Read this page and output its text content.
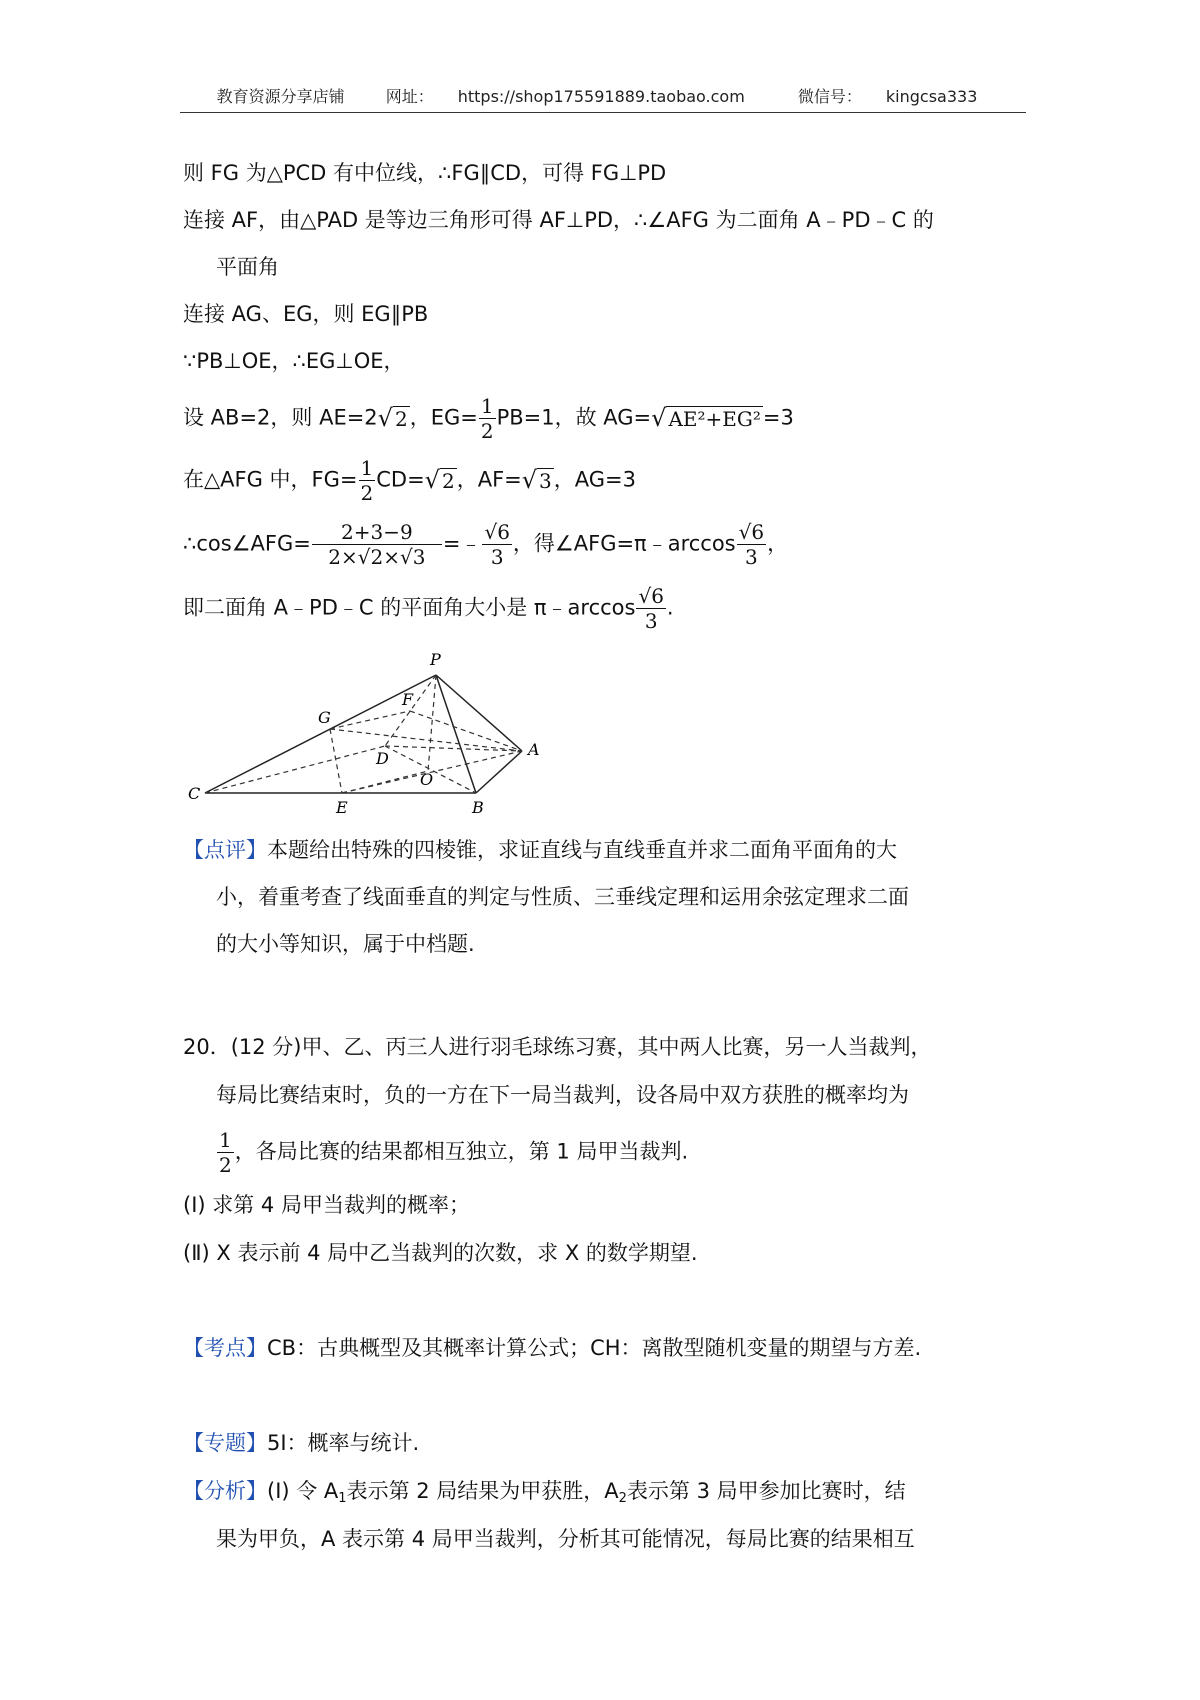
教育资源分享店铺	网址： https://shop175591889.taobao.com	微信号： kingcsa333
则 FG 为△PCD 有中位线，∴FG∥CD，可得 FG⊥PD
连接 AF，由△PAD 是等边三角形可得 AF⊥PD，∴∠AFG 为二面角 A﹣PD﹣C 的
平面角
连接 AG、EG，则 EG∥PB
∵PB⊥OE，∴EG⊥OE，
设 AB=2，则 AE=2√ 2，$EG= \frac{1}{2} PB=1$，故 AG=√ AE²+EG²=3
在△AFG 中，$FG= \frac{1}{2} CD=√$ 2，AF=√ 3，AG=3
∴cos∠AFG= $\frac{2+3-9}{2\times√2\times√3}$ =﹣ $\frac{√6}{3}$ ，得∠AFG=π﹣arccos $\frac{√6}{3}$ ，
即二面角 A﹣PD﹣C 的平面角大小是 π﹣arccos $\frac{√6}{3}$ .
P
G
F
D
O
A
C
E	B
【点评】本题给出特殊的四棱锥，求证直线与直线垂直并求二面角平面角的大
小，着重考查了线面垂直的判定与性质、三垂线定理和运用余弦定理求二面
的大小等知识，属于中档题.
20．(12 分)甲、乙、丙三人进行羽毛球练习赛，其中两人比赛，另一人当裁判，
每局比赛结束时，负的一方在下一局当裁判，设各局中双方获胜的概率均为
$\frac{1}{2}$ ，各局比赛的结果都相互独立，第 1 局甲当裁判.
(Ⅰ) 求第 4 局甲当裁判的概率；
(Ⅱ) X 表示前 4 局中乙当裁判的次数，求 X 的数学期望.
【考点】CB：古典概型及其概率计算公式；CH：离散型随机变量的期望与方差.
【专题】5I：概率与统计.
【分析】(I) 令 $A_1$表示第 2 局结果为甲获胜，$A_2$表示第 3 局甲参加比赛时，结
果为甲负，A 表示第 4 局甲当裁判，分析其可能情况，每局比赛的结果相互
